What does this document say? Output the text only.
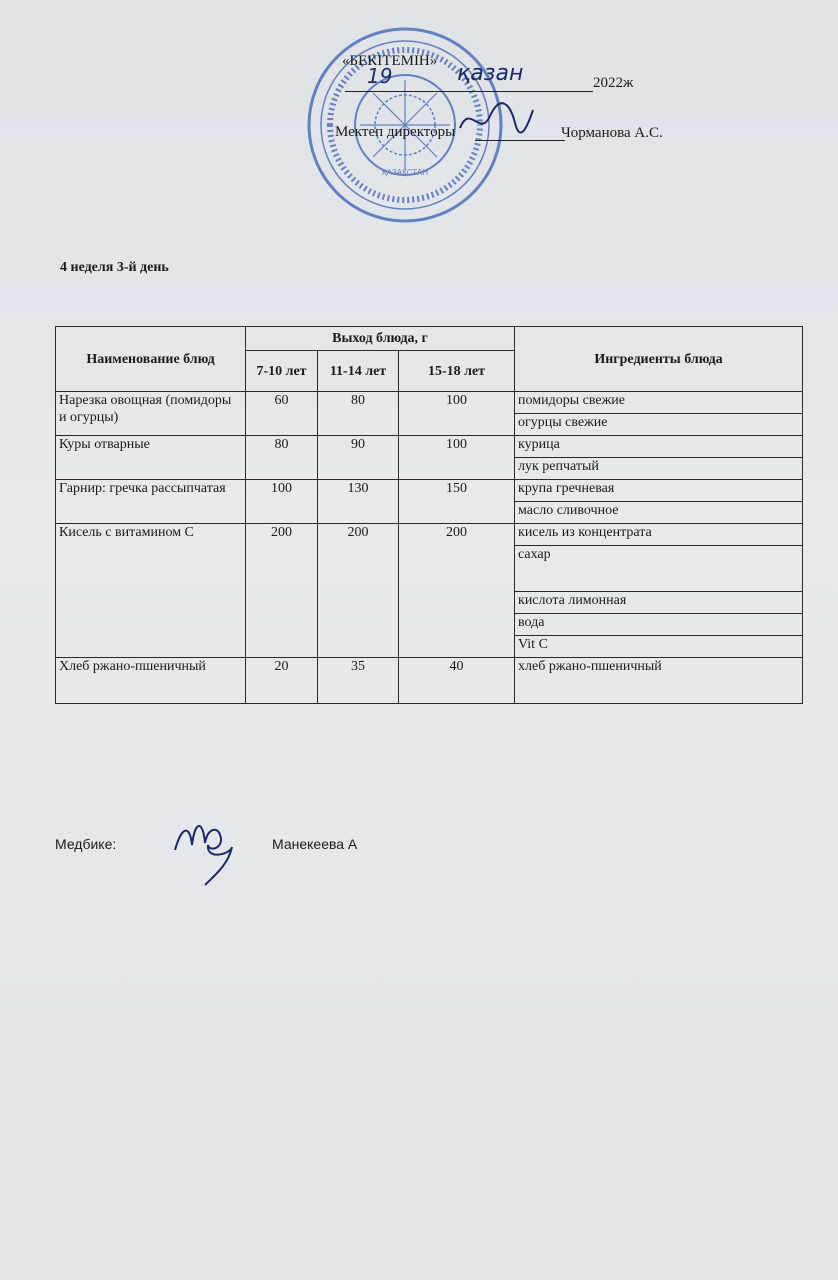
ҚАЗАҚСТАН
«БЕКІТЕМІН»
19	қазан	2022ж
Мектеп директоры	Чорманова А.С.
4 неделя 3-й день
Наименование блюд	Выход блюда, г			Ингредиенты блюда
	7-10 лет	11-14 лет	15-18 лет	
Нарезка овощная (помидоры и огурцы)	60	80	100	помидоры свежие
				огурцы свежие
Куры отварные	80	90	100	курица
				лук репчатый
Гарнир: гречка рассыпчатая	100	130	150	крупа гречневая
				масло сливочное
Кисель с витамином С	200	200	200	кисель из концентрата
				сахар
				кислота лимонная
				вода
				Vit C
Хлеб ржано-пшеничный	20	35	40	хлеб ржано-пшеничный
Медбике:	Манекеева А
